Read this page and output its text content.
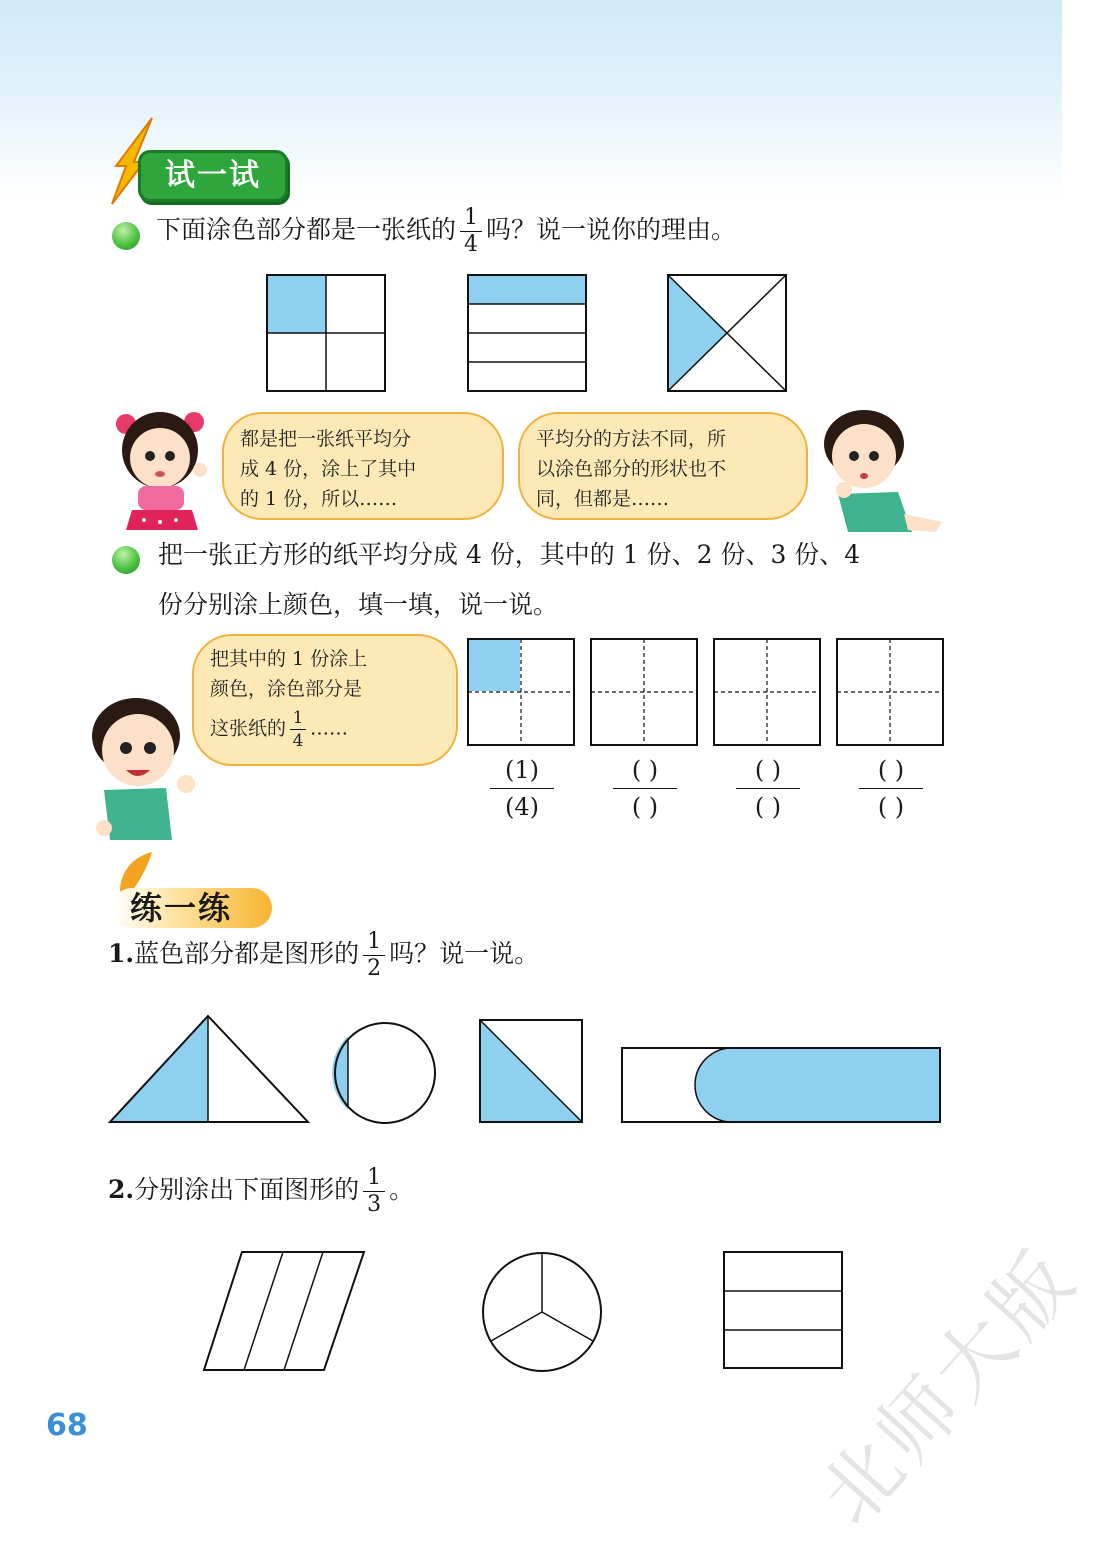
试一试
下面涂色部分都是一张纸的 $\frac{1}{4}$ 吗？说一说你的理由。
都是把一张纸平均分
成 4 份，涂上了其中
的 1 份，所以……
平均分的方法不同，所
以涂色部分的形状也不
同，但都是……
把一张正方形的纸平均分成 4 份，其中的 1 份、2 份、3 份、4
份分别涂上颜色，填一填，说一说。
把其中的 1 份涂上
颜色，涂色部分是
这张纸的 $\frac{1}{4}$ ……
(1)
(4)
( )
( )
( )
( )
( )
( )
练一练
1.蓝色部分都是图形的 $\frac{1}{2}$ 吗？说一说。
2.分别涂出下面图形的 $\frac{1}{3}$ 。
北师大版
68
